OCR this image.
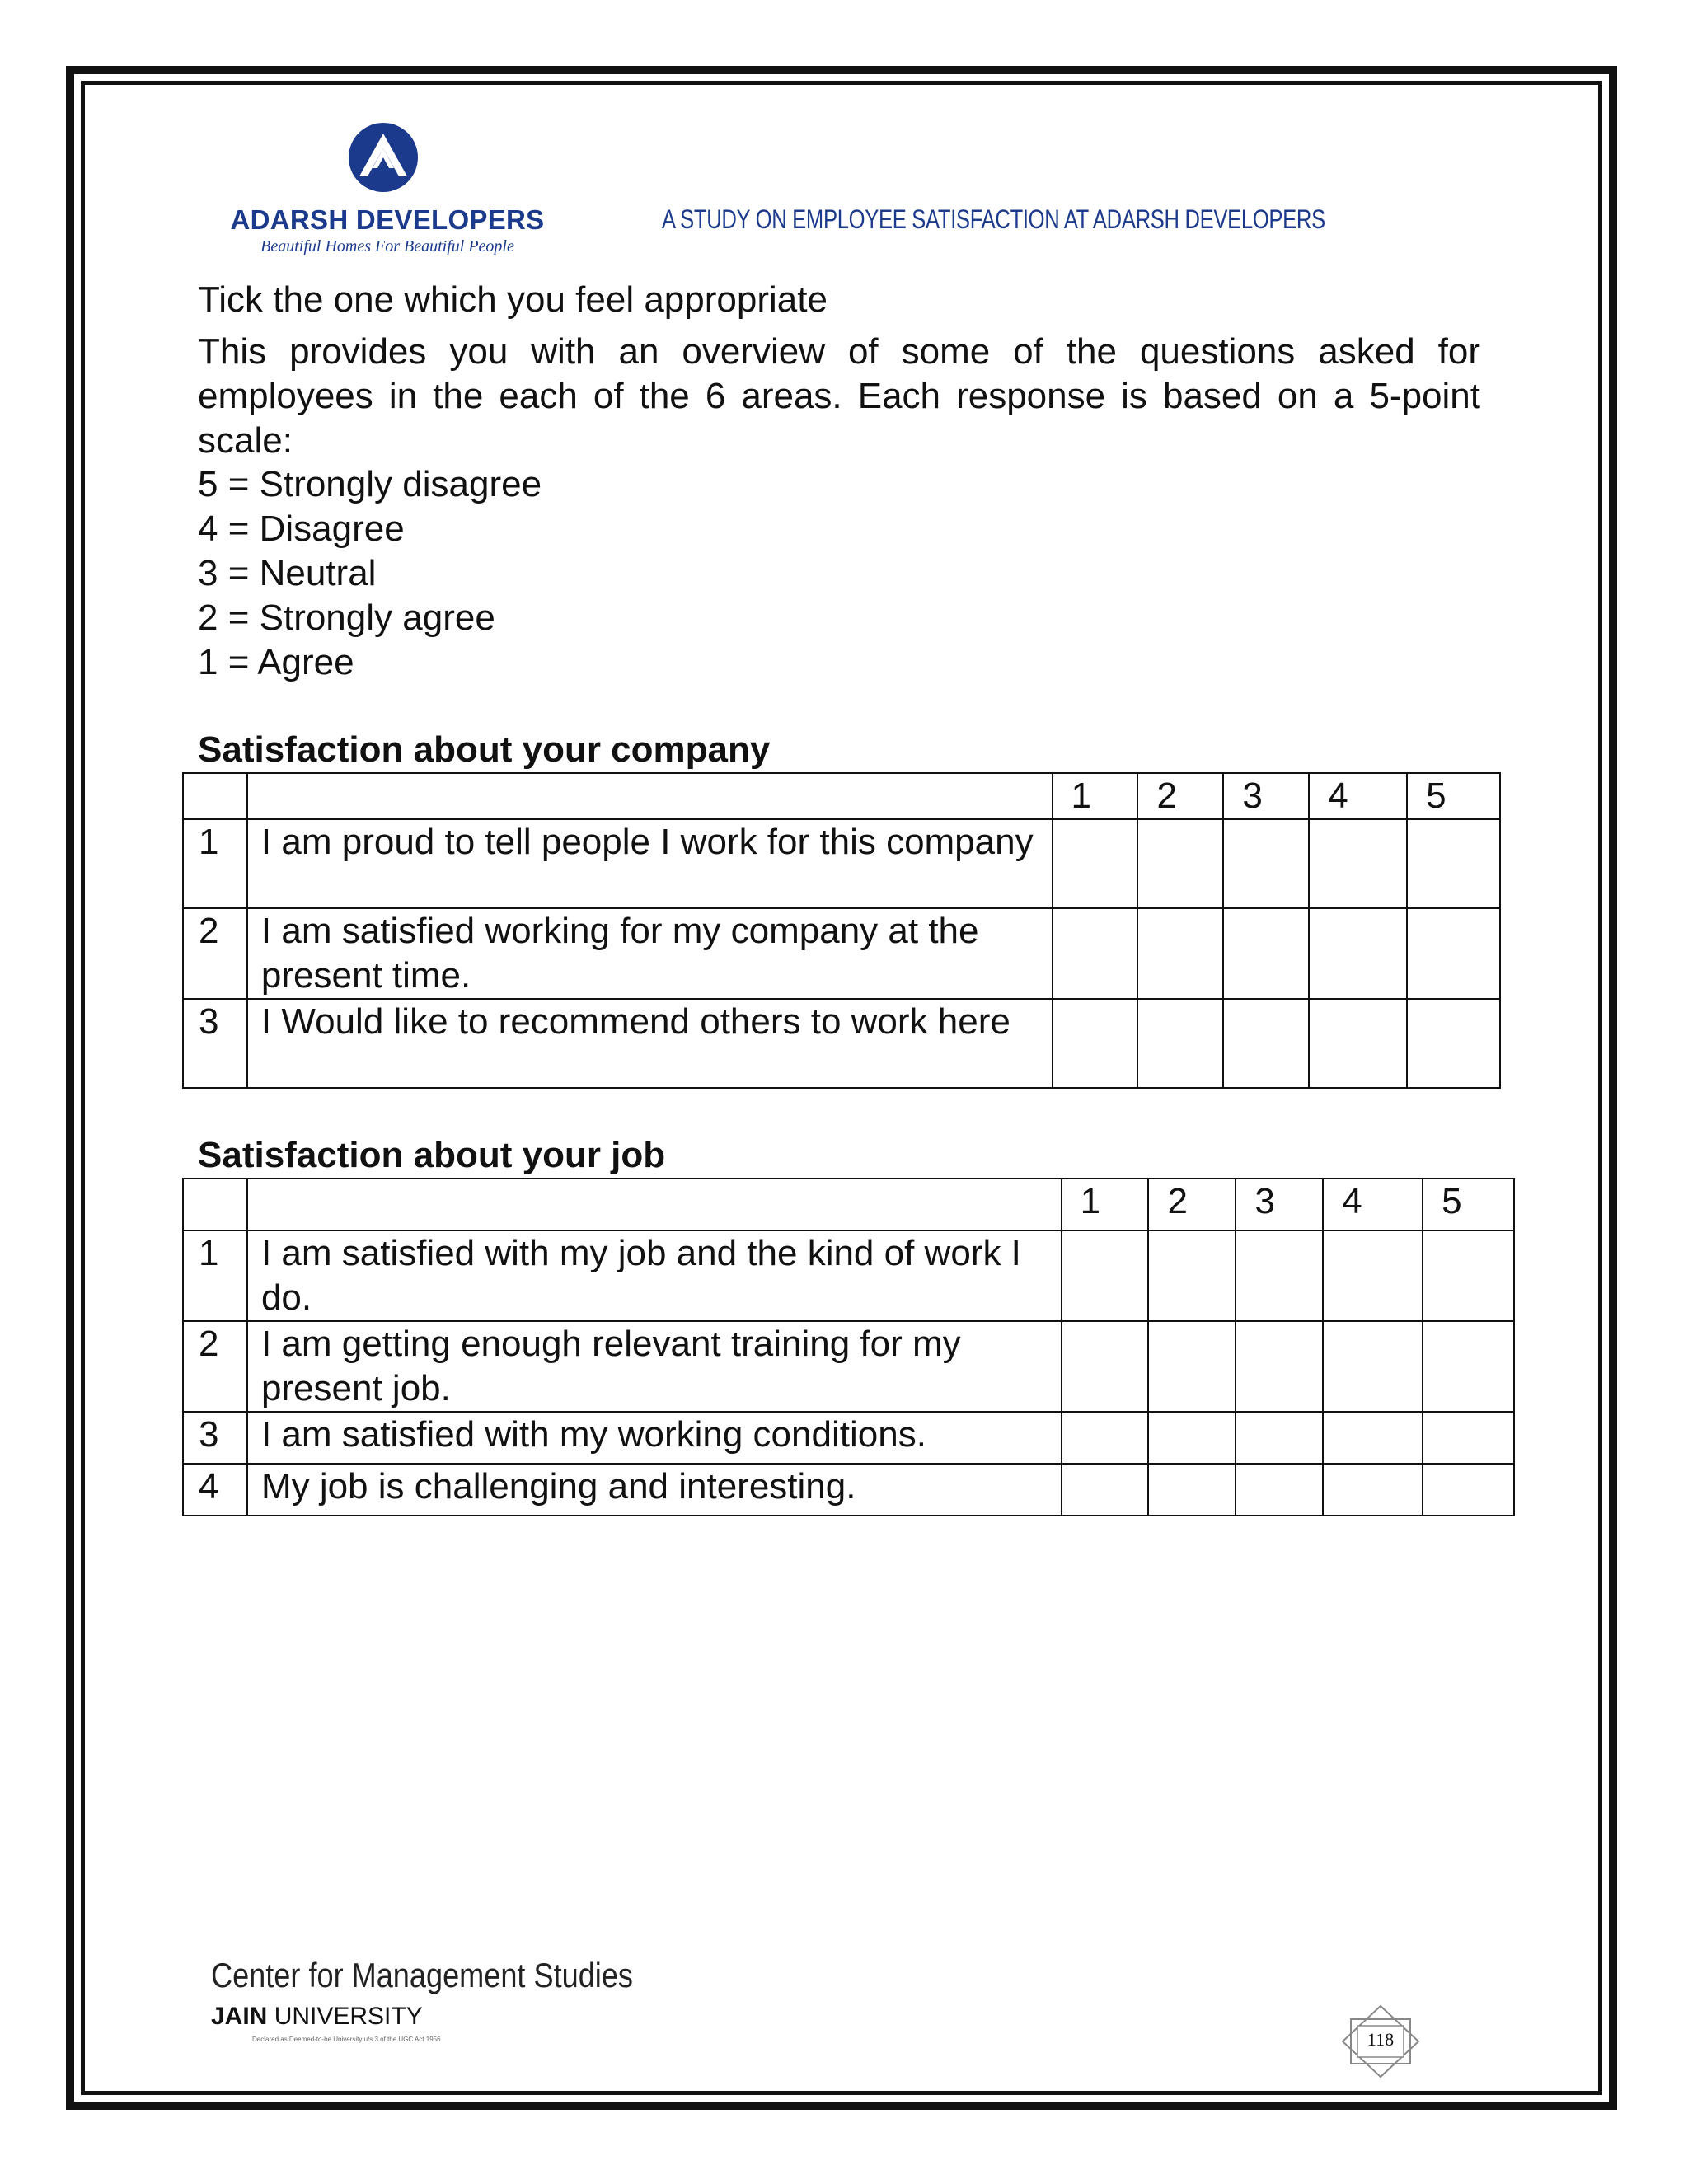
ADARSH DEVELOPERS
Beautiful Homes For Beautiful People
A STUDY ON EMPLOYEE SATISFACTION AT ADARSH DEVELOPERS
Tick the one which you feel appropriate
This provides you with an overview of some of the questions asked for employees in the each of the 6 areas. Each response is based on a 5-point scale:
5 = Strongly disagree
4 = Disagree
3 = Neutral
2 = Strongly agree
1 = Agree
Satisfaction about your company
		1	2	3	4	5
1	I am proud to tell people I work for this company					
2	I am satisfied working for my company at the present time.					
3	I Would like to recommend others to work here					
Satisfaction about your job
		1	2	3	4	5
1	I am satisfied with my job and the kind of work I do.					
2	I am getting enough relevant training for my present job.					
3	I am satisfied with my working conditions.					
4	My job is challenging and interesting.					
Center for Management Studies
JAIN UNIVERSITY
Declared as Deemed-to-be University u/s 3 of the UGC Act 1956	118
